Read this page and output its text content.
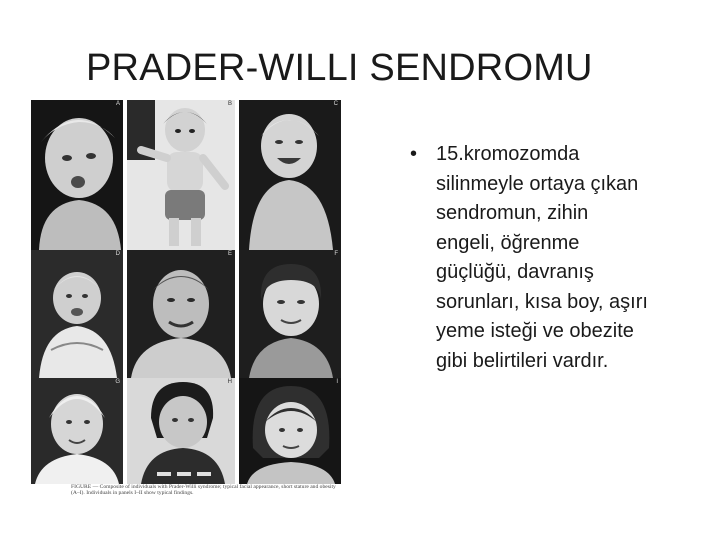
PRADER-WILLI SENDROMU
A	B	C
D	E	F
G	H	I
FIGURE — Composite of individuals with Prader-Willi syndrome; typical facial appearance, short stature and obesity (A–I). Individuals in panels I–II show typical findings.
• 15.kromozomda
silinmeyle ortaya çıkan
sendromun, zihin
engeli, öğrenme
güçlüğü, davranış
sorunları, kısa boy, aşırı
yeme isteği ve obezite
gibi belirtileri vardır.
